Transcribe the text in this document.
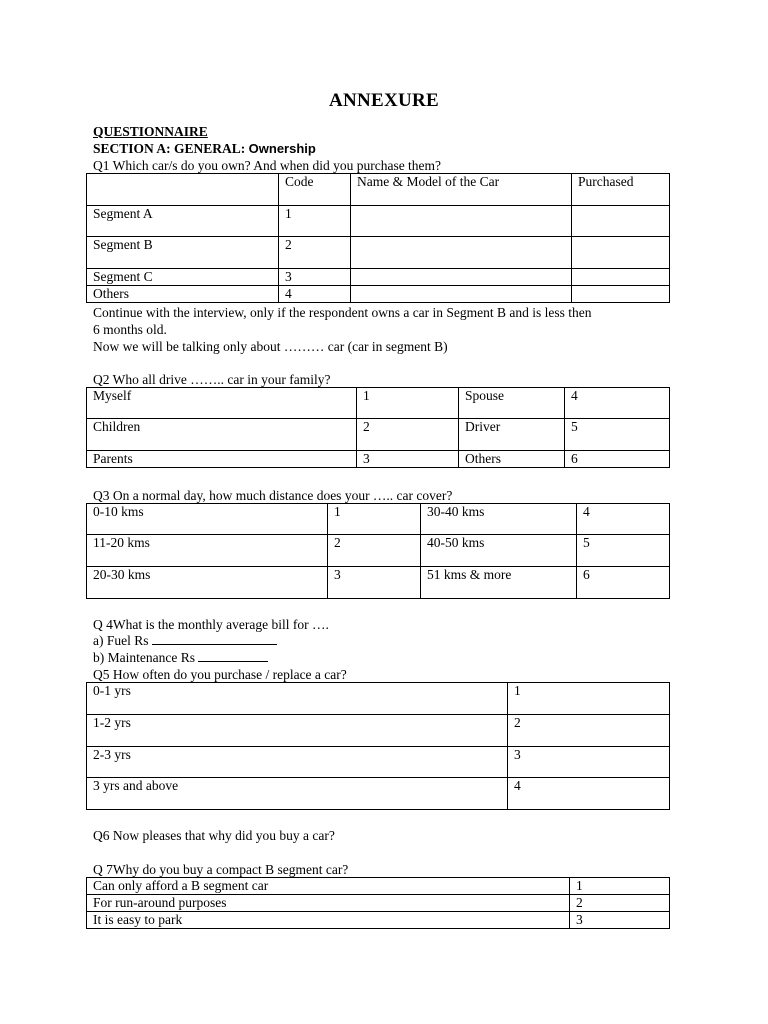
ANNEXURE
QUESTIONNAIRE
SECTION A: GENERAL: Ownership
Q1 Which car/s do you own? And when did you purchase them?
	Code	Name & Model of the Car	Purchased
Segment A	1		
Segment B	2		
Segment C	3		
Others	4		
Continue with the interview, only if the respondent owns a car in Segment B and is less then
6 months old.
Now we will be talking only about ……… car (car in segment B)
Q2 Who all drive …….. car in your family?
Myself	1	Spouse	4
Children	2	Driver	5
Parents	3	Others	6
Q3 On a normal day, how much distance does your ….. car cover?
0-10 kms	1	30-40 kms	4
11-20 kms	2	40-50 kms	5
20-30 kms	3	51 kms & more	6
Q 4What is the monthly average bill for ….
a) Fuel Rs
b) Maintenance Rs
Q5 How often do you purchase / replace a car?
0-1 yrs	1
1-2 yrs	2
2-3 yrs	3
3 yrs and above	4
Q6 Now pleases that why did you buy a car?
Q 7Why do you buy a compact B segment car?
Can only afford a B segment car	1
For run-around purposes	2
It is easy to park	3
